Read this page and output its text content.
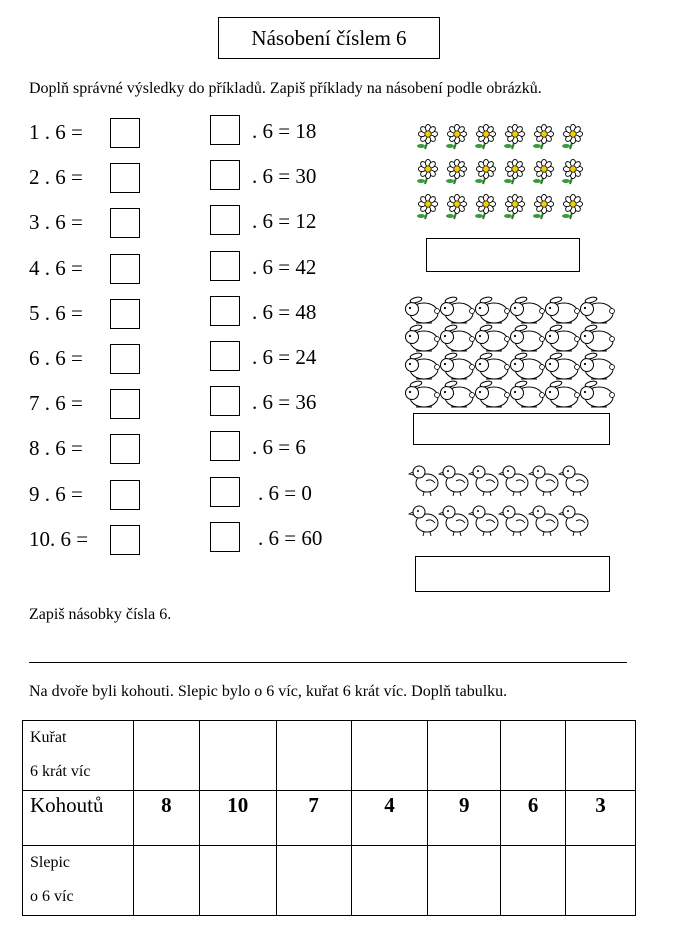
Násobení číslem 6
Doplň správné výsledky do příkladů. Zapiš příklady na násobení podle obrázků.
1 . 6 =
2 . 6 =
3 . 6 =
4 . 6 =
5 . 6 =
6 . 6 =
7 . 6 =
8 . 6 =
9 . 6 =
10. 6 =
. 6 = 18
. 6 = 30
. 6 = 12
. 6 = 42
. 6 = 48
. 6 = 24
. 6 = 36
. 6 = 6
. 6 = 0
. 6 = 60
Zapiš násobky čísla 6.
Na dvoře byli kohouti. Slepic bylo o 6 víc, kuřat 6 krát víc. Doplň tabulku.
Kuřat
6 krát víc							

Kohoutů	8	10	7	4	9	6	3

Slepic
o 6 víc							
